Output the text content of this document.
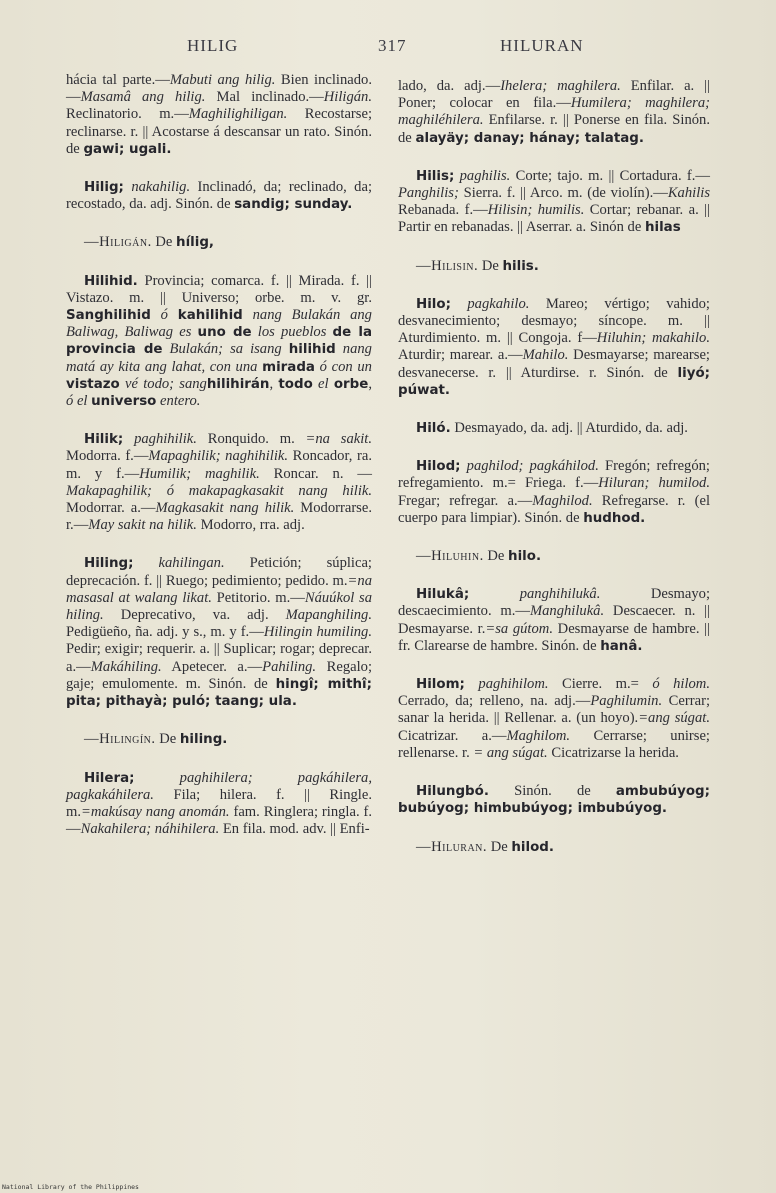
HILIG	317	HILURAN

hácia tal parte.—Mabuti ang hilig. Bien inclinado.—Masamâ ang hilig. Mal inclinado.—Hiligán. Reclinatorio. m.—Maghilighiligan. Recostarse; reclinarse. r. || Acostarse á descansar un rato. Sinón. de gawi; ugali.

Hilig; nakahilig. Inclinadó, da; reclinado, da; recostado, da. adj. Sinón. de sandig; sunday.

—Hiligán. De hílig,

Hilihid. Provincia; comarca. f. || Mirada. f. || Vistazo. m. || Universo; orbe. m. v. gr. Sanghilihid ó kahilihid nang Bulakán ang Baliwag, Baliwag es uno de los pueblos de la provincia de Bulakán; sa isang hilihid nang matá ay kita ang lahat, con una mirada ó con un vistazo vé todo; sanghilihirán, todo el orbe, ó el universo entero.

Hilik; paghihilik. Ronquido. m. =na sakit. Modorra. f.—Mapaghilik; naghihilik. Roncador, ra. m. y f.—Humilik; maghilik. Roncar. n. —Makapaghilik; ó makapagkasakit nang hilik. Modorrar. a.—Magkasakit nang hilik. Modorrarse. r.—May sakit na hilik. Modorro, rra. adj.

Hiling; kahilingan. Petición; súplica; deprecación. f. || Ruego; pedimiento; pedido. m.=na masasal at walang likat. Petitorio. m.—Náuúkol sa hiling. Deprecativo, va. adj. Mapanghiling. Pedigüeño, ña. adj. y s., m. y f.—Hilingin humiling. Pedir; exigir; requerir. a. || Suplicar; rogar; deprecar. a.—Makáhiling. Apetecer. a.—Pahiling. Regalo; gaje; emulomente. m. Sinón. de hingî; mithî; pita; pithayà; puló; taang; ula.

—Hilingín. De hiling.

Hilera;	paghihilera; pagkáhilera, pagkakáhilera. Fila; hilera. f. || Ringle. m.=makúsay nang anomán. fam. Ringlera; ringla. f.—Nakahilera; náhihilera. En fila. mod. adv. || Enfi-

lado, da. adj.—Ihelera; maghilera. Enfilar. a. || Poner; colocar en fila.—Humilera; maghilera; maghiléhilera. Enfilarse. r. || Ponerse en fila. Sinón. de alayäy; danay; hánay; talatag.

Hilis; paghilis. Corte; tajo. m. || Cortadura. f.—Panghilis; Sierra. f. || Arco. m. (de violín).—Kahilis Rebanada. f.—Hilisin; humilis. Cortar; rebanar. a. || Partir en rebanadas. || Aserrar. a. Sinón de hilas

—Hilisin. De hilis.

Hilo; pagkahilo. Mareo; vértigo; vahido; desvanecimiento; desmayo; síncope. m. || Aturdimiento. m. || Congoja. f—Hiluhin; makahilo. Aturdir; marear. a.—Mahilo. Desmayarse; marearse; desvanecerse. r. || Aturdirse. r. Sinón. de liyó; púwat.

Hiló. Desmayado, da. adj. || Aturdido, da. adj.

Hilod; paghilod; pagkáhilod. Fregón; refregón; refregamiento. m.= Friega. f.—Hiluran; humilod. Fregar; refregar. a.—Maghilod. Refregarse. r. (el cuerpo para limpiar). Sinón. de hudhod.

—Hiluhin. De hilo.

Hilukâ;	panghihilukâ. Desmayo; descaecimiento. m.—Manghilukâ. Descaecer. n. || Desmayarse. r.=sa gútom. Desmayarse de hambre. || fr. Clarearse de hambre. Sinón. de hanâ.

Hilom; paghihilom. Cierre. m.= ó hilom. Cerrado, da; relleno, na. adj.—Paghilumin. Cerrar; sanar la herida. || Rellenar. a. (un hoyo).=ang súgat. Cicatrizar. a.—Maghilom. Cerrarse; unirse; rellenarse. r. = ang súgat. Cicatrizarse la herida.

Hilungbó. Sinón. de ambubúyog; bubúyog; himbubúyog; imbubúyog.

—Hiluran. De hilod.

National Library of the Philippines
